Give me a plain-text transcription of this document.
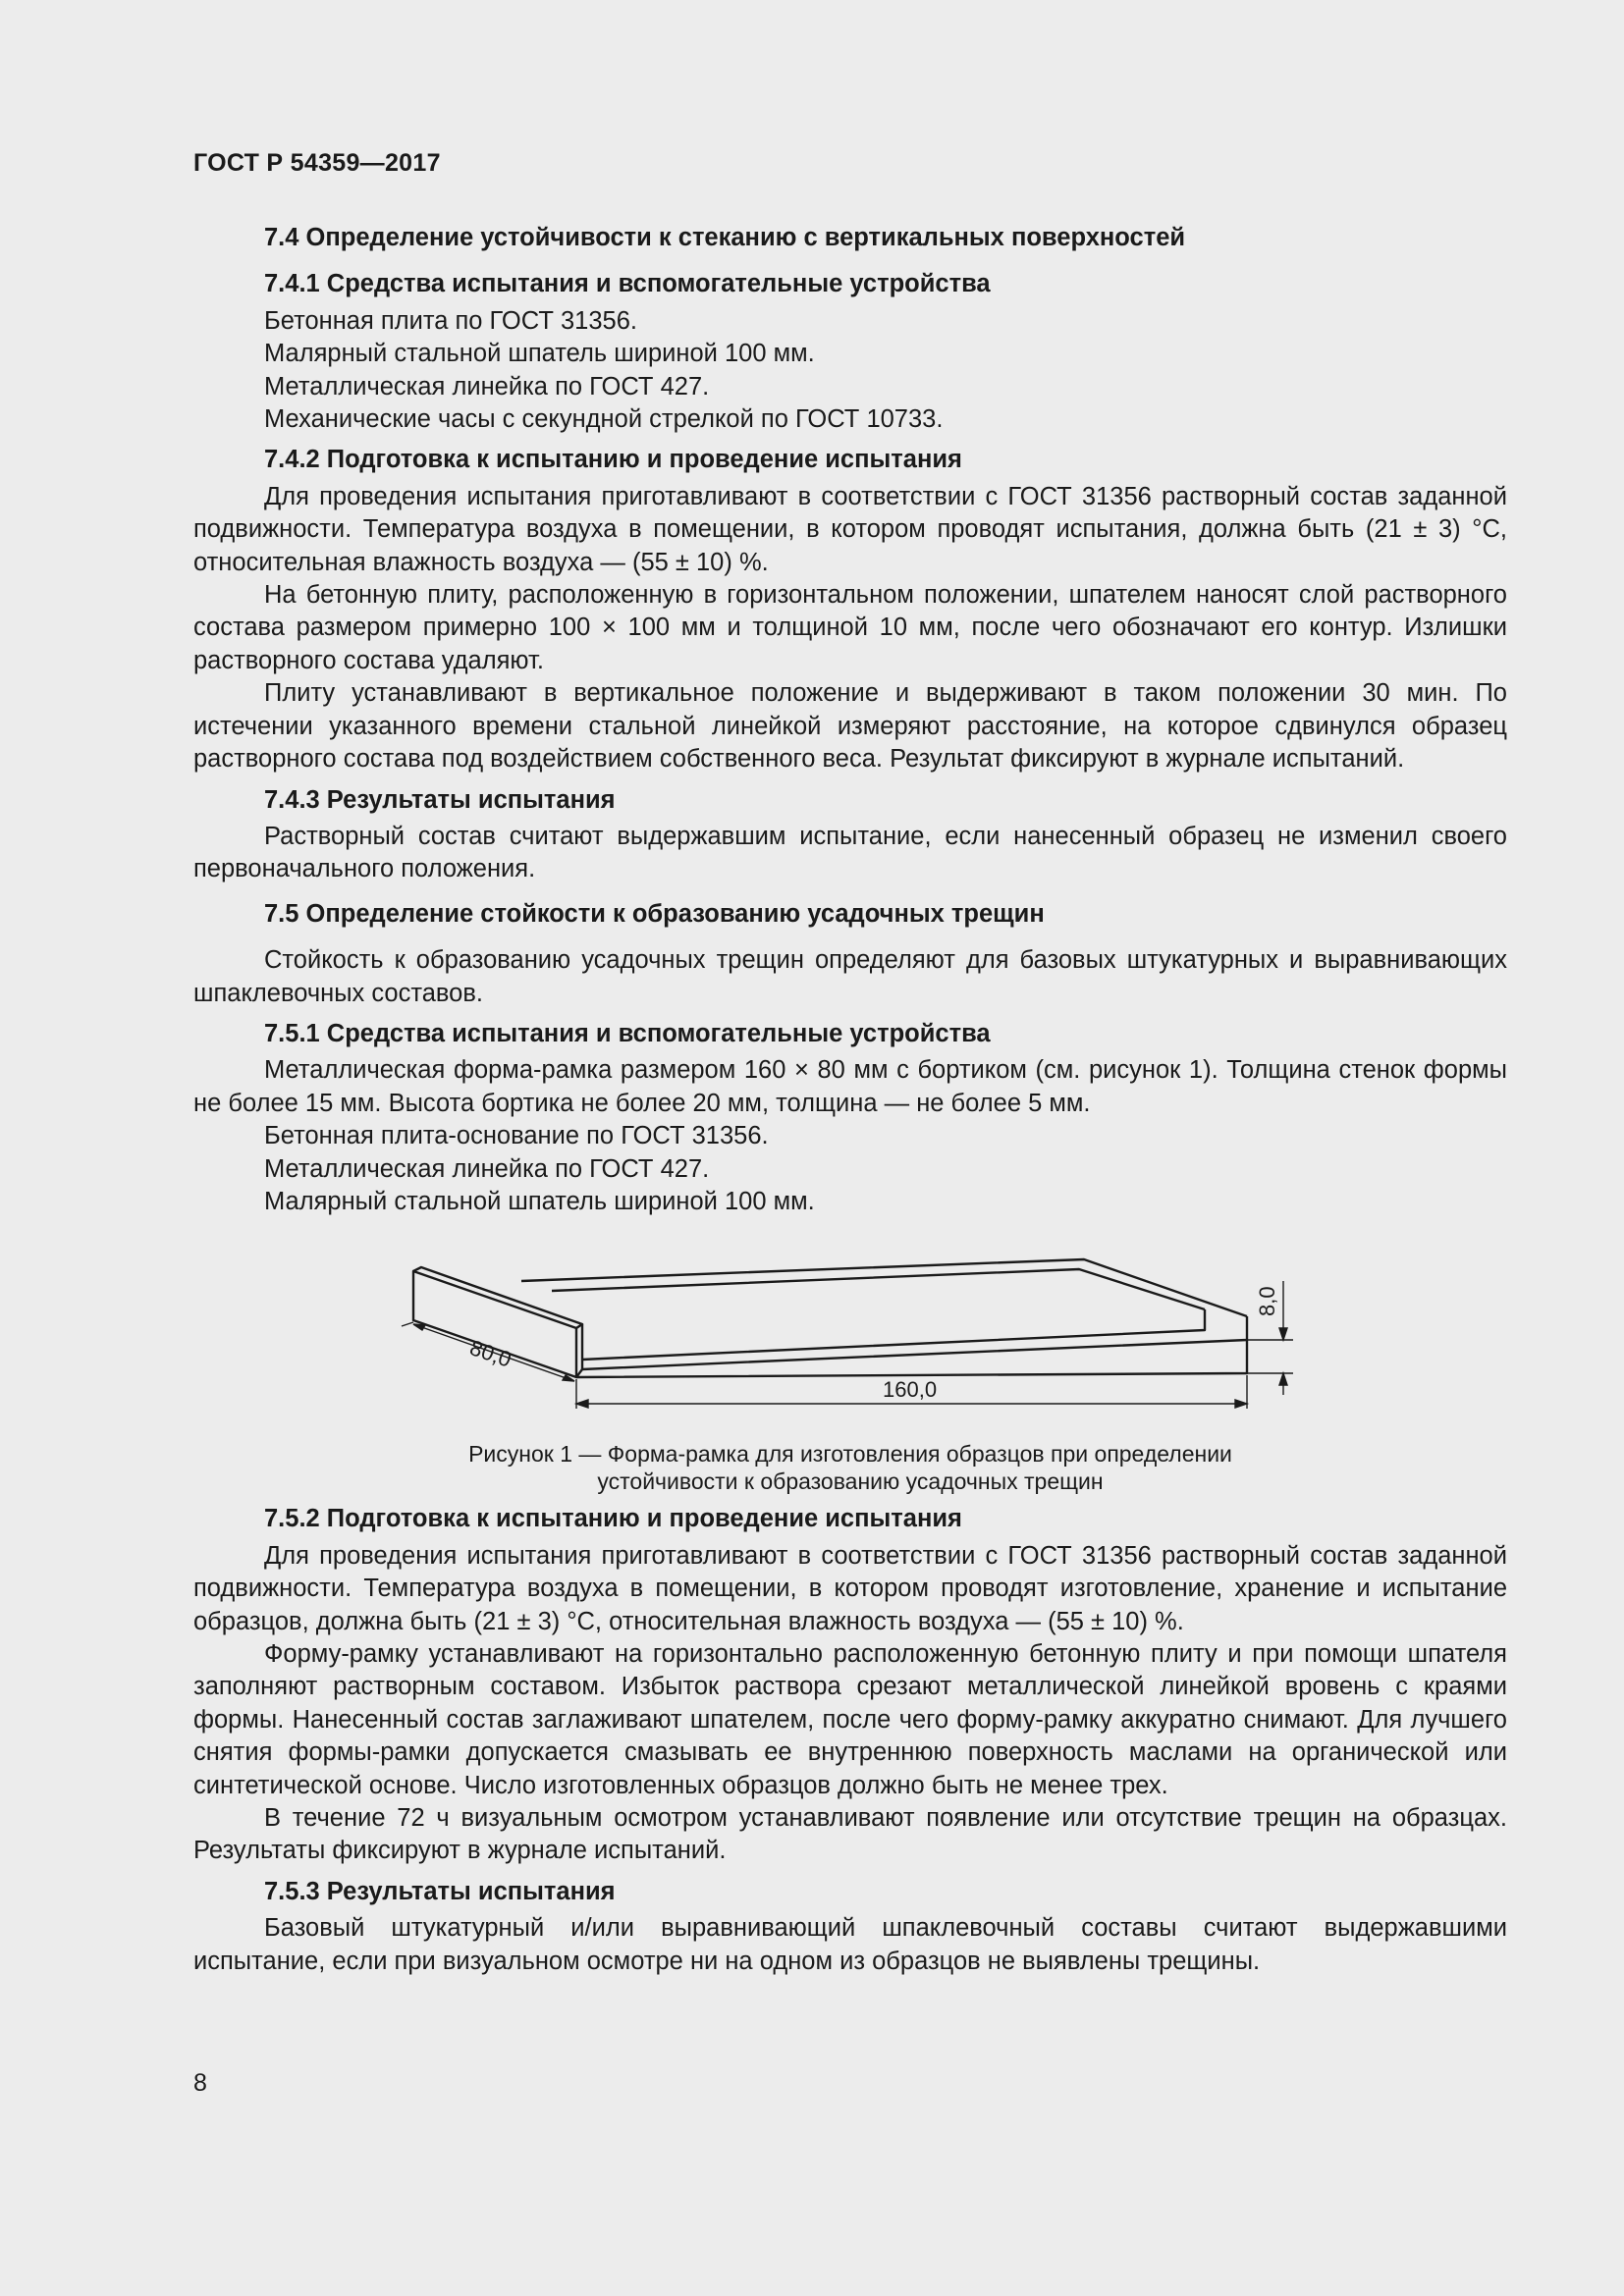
ГОСТ Р 54359—2017

7.4 Определение устойчивости к стеканию с вертикальных поверхностей

7.4.1 Средства испытания и вспомогательные устройства

Бетонная плита по ГОСТ 31356.

Малярный стальной шпатель шириной 100 мм.

Металлическая линейка по ГОСТ 427.

Механические часы с секундной стрелкой по ГОСТ 10733.

7.4.2 Подготовка к испытанию и проведение испытания

Для проведения испытания приготавливают в соответствии с ГОСТ 31356 растворный состав заданной подвижности. Температура воздуха в помещении, в котором проводят испытания, должна быть (21 ± 3) °С, относительная влажность воздуха — (55 ± 10) %.

На бетонную плиту, расположенную в горизонтальном положении, шпателем наносят слой растворного состава размером примерно 100 × 100 мм и толщиной 10 мм, после чего обозначают его контур. Излишки растворного состава удаляют.

Плиту устанавливают в вертикальное положение и выдерживают в таком положении 30 мин. По истечении указанного времени стальной линейкой измеряют расстояние, на которое сдвинулся образец растворного состава под воздействием собственного веса. Результат фиксируют в журнале испытаний.

7.4.3 Результаты испытания

Растворный состав считают выдержавшим испытание, если нанесенный образец не изменил своего первоначального положения.

7.5 Определение стойкости к образованию усадочных трещин

Стойкость к образованию усадочных трещин определяют для базовых штукатурных и выравнивающих шпаклевочных составов.

7.5.1 Средства испытания и вспомогательные устройства

Металлическая форма-рамка размером 160 × 80 мм с бортиком (см. рисунок 1). Толщина стенок формы не более 15 мм. Высота бортика не более 20 мм, толщина — не более 5 мм.

Бетонная плита-основание по ГОСТ 31356.

Металлическая линейка по ГОСТ 427.

Малярный стальной шпатель шириной 100 мм.

80,0
160,0
8,0

Рисунок 1 — Форма-рамка для изготовления образцов при определении

устойчивости к образованию усадочных трещин

7.5.2 Подготовка к испытанию и проведение испытания

Для проведения испытания приготавливают в соответствии с ГОСТ 31356 растворный состав заданной подвижности. Температура воздуха в помещении, в котором проводят изготовление, хранение и испытание образцов, должна быть (21 ± 3) °С, относительная влажность воздуха — (55 ± 10) %.

Форму-рамку устанавливают на горизонтально расположенную бетонную плиту и при помощи шпателя заполняют растворным составом. Избыток раствора срезают металлической линейкой вровень с краями формы. Нанесенный состав заглаживают шпателем, после чего форму-рамку аккуратно снимают. Для лучшего снятия формы-рамки допускается смазывать ее внутреннюю поверхность маслами на органической или синтетической основе. Число изготовленных образцов должно быть не менее трех.

В течение 72 ч визуальным осмотром устанавливают появление или отсутствие трещин на образцах. Результаты фиксируют в журнале испытаний.

7.5.3 Результаты испытания

Базовый штукатурный и/или выравнивающий шпаклевочный составы считают выдержавшими испытание, если при визуальном осмотре ни на одном из образцов не выявлены трещины.

8
